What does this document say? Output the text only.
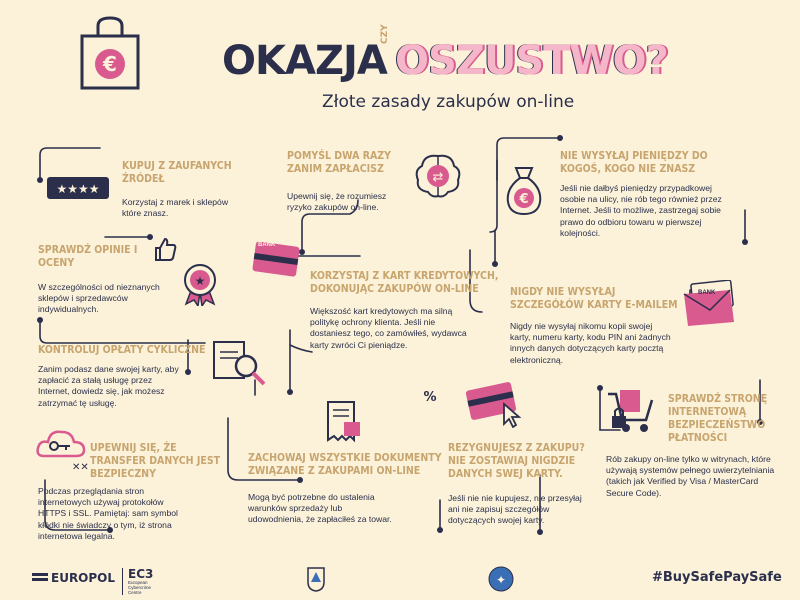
€	OKAZJA
CZY
OSZUSTWO?
Złote zasady zakupów on-line
★★★★
KUPUJ Z ZAUFANYCH ŹRÓDEŁ
Korzystaj z marek i sklepów które znasz.
SPRAWDŹ OPINIE I OCENY
W szczególności od nieznanych sklepów i sprzedawców indywidualnych.
★
KONTROLUJ OPŁATY CYKLICZNE
Zanim podasz dane swojej karty, aby zapłacić za stałą usługę przez Internet, dowiedz się, jak możesz zatrzymać tę usługę.
✕✕
UPEWNIJ SIĘ, ŻE TRANSFER DANYCH JEST BEZPIECZNY
Podczas przeglądania stron internetowych używaj protokołów HTTPS i SSL. Pamiętaj: sam symbol kłódki nie świadczy o tym, iż strona internetowa legalna.
POMYŚL DWA RAZY ZANIM ZAPŁACISZ
Upewnij się, że rozumiesz ryzyko zakupów on-line.
⇄
BANK
KORZYSTAJ Z KART KREDYTOWYCH, DOKONUJĄC ZAKUPÓW ON-LINE
Większość kart kredytowych ma silną politykę ochrony klienta. Jeśli nie dostaniesz tego, co zamówiłeś, wydawca karty zwróci Ci pieniądze.
%
ZACHOWAJ WSZYSTKIE DOKUMENTY ZWIĄZANE Z ZAKUPAMI ON-LINE
Mogą być potrzebne do ustalenia warunków sprzedaży lub udowodnienia, że zapłaciłeś za towar.
€
NIE WYSYŁAJ PIENIĘDZY DO KOGOŚ, KOGO NIE ZNASZ
Jeśli nie dałbyś pieniędzy przypadkowej osobie na ulicy, nie rób tego również przez Internet. Jeśli to możliwe, zastrzegaj sobie prawo do odbioru towaru w pierwszej kolejności.
NIGDY NIE WYSYŁAJ SZCZEGÓŁÓW KARTY E-MAILEM
Nigdy nie wysyłaj nikomu kopii swojej karty, numeru karty, kodu PIN ani żadnych innych danych dotyczących karty pocztą elektroniczną.
BANK
REZYGNUJESZ Z ZAKUPU? NIE ZOSTAWIAJ NIGDZIE DANYCH SWEJ KARTY.
Jeśli nie nie kupujesz, nie przesyłaj ani nie zapisuj szczegółów dotyczących swojej karty.
SPRAWDŹ STRONĘ INTERNETOWĄ BEZPIECZEŃSTWO PŁATNOŚCI
Rób zakupy on-line tylko w witrynach, które używają systemów pełnego uwierzytelniania (takich jak Verified by Visa / MasterCard Secure Code).
EUROPOL EC3
European Cybercrime Centre
✦	#BuySafePaySafe
